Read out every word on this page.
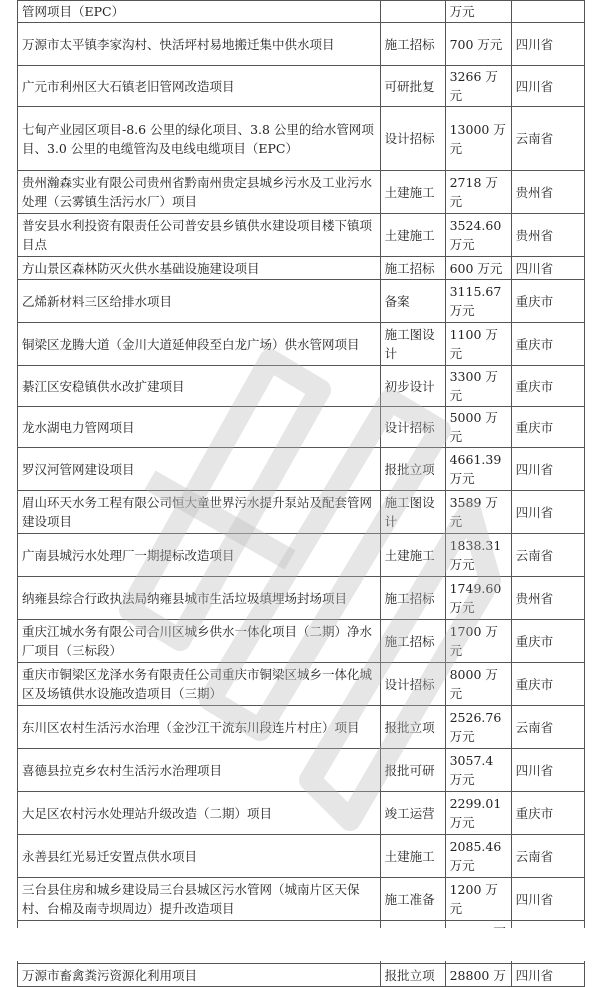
管网项目（EPC）		万元	
万源市太平镇李家沟村、快活坪村易地搬迁集中供水项目	施工招标	700 万元	四川省
广元市利州区大石镇老旧管网改造项目	可研批复	3266 万元	四川省
七甸产业园区项目-8.6 公里的绿化项目、3.8 公里的给水管网项目、3.0 公里的电缆管沟及电线电缆项目（EPC）	设计招标	13000 万元	云南省
贵州瀚森实业有限公司贵州省黔南州贵定县城乡污水及工业污水处理（云雾镇生活污水厂）项目	土建施工	2718 万元	贵州省
普安县水利投资有限责任公司普安县乡镇供水建设项目楼下镇项目点	土建施工	3524.60 万元	贵州省
方山景区森林防灭火供水基础设施建设项目	施工招标	600 万元	四川省
乙烯新材料三区给排水项目	备案	3115.67 万元	重庆市
铜梁区龙腾大道（金川大道延伸段至白龙广场）供水管网项目	施工图设计	1100 万元	重庆市
綦江区安稳镇供水改扩建项目	初步设计	3300 万元	重庆市
龙水湖电力管网项目	设计招标	5000 万元	重庆市
罗汉河管网建设项目	报批立项	4661.39 万元	四川省
眉山环天水务工程有限公司恒大童世界污水提升泵站及配套管网建设项目	施工图设计	3589 万元	四川省
广南县城污水处理厂一期提标改造项目	土建施工	1838.31 万元	云南省
纳雍县综合行政执法局纳雍县城市生活垃圾填埋场封场项目	施工招标	1749.60 万元	贵州省
重庆江城水务有限公司合川区城乡供水一体化项目（二期）净水厂项目（三标段）	施工招标	1700 万元	重庆市
重庆市铜梁区龙泽水务有限责任公司重庆市铜梁区城乡一体化城区及场镇供水设施改造项目（三期）	设计招标	8000 万元	重庆市
东川区农村生活污水治理（金沙江干流东川段连片村庄）项目	报批立项	2526.76 万元	云南省
喜德县拉克乡农村生活污水治理项目	报批可研	3057.4 万元	四川省
大足区农村污水处理站升级改造（二期）项目	竣工运营	2299.01 万元	重庆市
永善县红光易迁安置点供水项目	土建施工	2085.46 万元	云南省
三台县住房和城乡建设局三台县城区污水管网（城南片区天保村、台棉及南寺坝周边）提升改造项目	施工准备	1200 万元	四川省

万源市畜禽粪污资源化利用项目	报批立项	28800 万	四川省
